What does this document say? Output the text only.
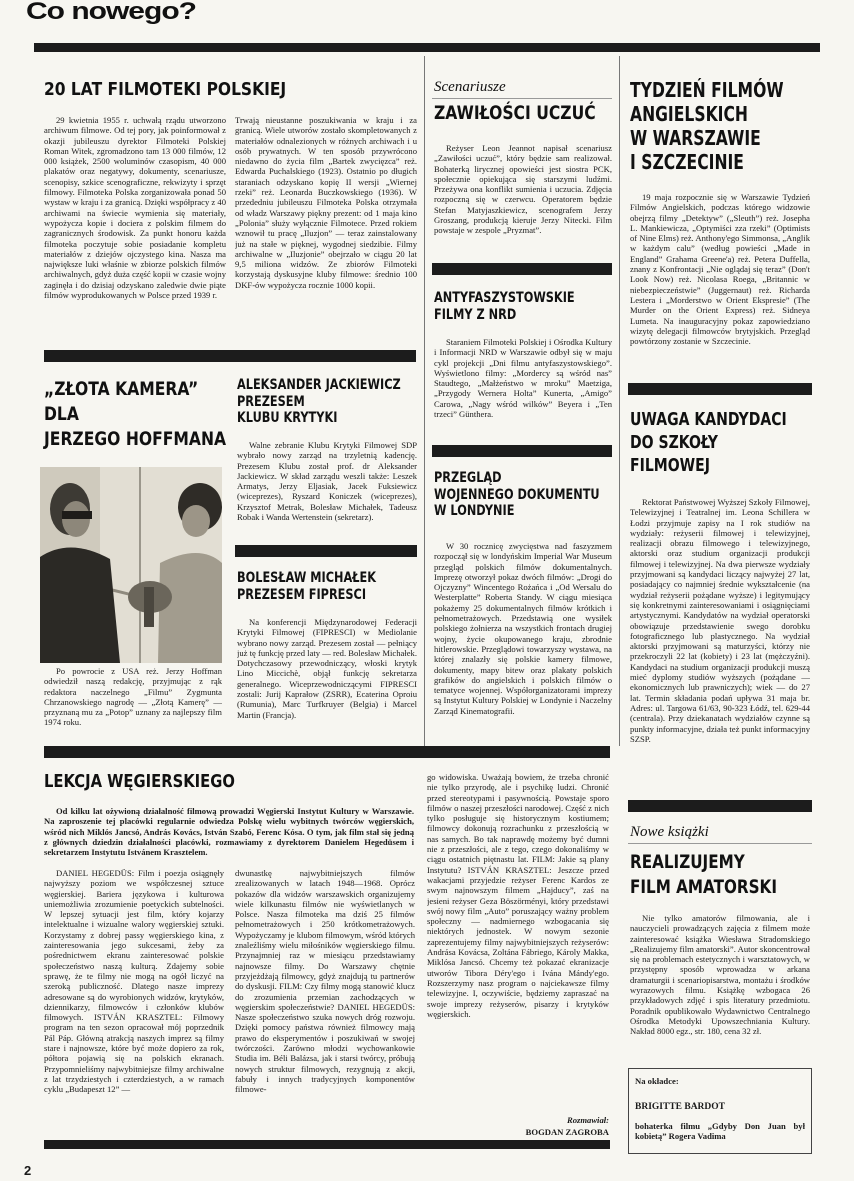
Co nowego?
20 LAT FILMOTEKI POLSKIEJ

29 kwietnia 1955 r. uchwałą rządu utworzono archiwum filmowe. Od tej pory, jak poinformował z okazji jubileuszu dyrektor Filmoteki Polskiej Roman Witek, zgromadzono tam 13 000 filmów, 12 000 książek, 2500 woluminów czasopism, 40 000 plakatów oraz negatywy, dokumenty, scenariusze, scenopisy, szkice scenograficzne, rekwizyty i sprzęt filmowy. Filmoteka Polska zorganizowała ponad 50 wystaw w kraju i za granicą. Dzięki współpracy z 40 archiwami na świecie wymienia się materiały, wypożycza kopie i dociera z polskim filmem do zagranicznych środowisk. Za punkt honoru każda filmoteka poczytuje sobie posiadanie kompletu materiałów z dziejów ojczystego kina. Nasza ma największe luki właśnie w zbiorze polskich filmów archiwalnych, gdyż duża część kopii w czasie wojny zaginęła i do dzisiaj odzyskano zaledwie dwie piąte filmów wyprodukowanych w Polsce przed 1939 r.

Trwają nieustanne poszukiwania w kraju i za granicą. Wiele utworów zostało skompletowanych z materiałów odnalezionych w różnych archiwach i u osób prywatnych. W ten sposób przywrócono niedawno do życia film „Bartek zwycięzca” reż. Edwarda Puchalskiego (1923). Ostatnio po długich staraniach odzyskano kopię II wersji „Wiernej rzeki” reż. Leonarda Buczkowskiego (1936). W przededniu jubileuszu Filmoteka Polska otrzymała od władz Warszawy piękny prezent: od 1 maja kino „Polonia” służy wyłącznie Filmotece. Przed rokiem wznowił tu pracę „Iluzjon” — teraz zainstalowany już na stałe w pięknej, wygodnej siedzibie. Filmy archiwalne w „Iluzjonie” obejrzało w ciągu 20 lat 9,5 miliona widzów. Ze zbiorów Filmoteki korzystają dyskusyjne kluby filmowe: średnio 100 DKF-ów wypożycza rocznie 1000 kopii.

Scenariusze
ZAWIŁOŚCI UCZUĆ

Reżyser Leon Jeannot napisał scenariusz „Zawiłości uczuć”, który będzie sam realizował. Bohaterką lirycznej opowieści jest siostra PCK, społecznie opiekująca się starszymi ludźmi. Przeżywa ona konflikt sumienia i uczucia. Zdjęcia rozpoczną się w czerwcu. Operatorem będzie Stefan Matyjaszkiewicz, scenografem Jerzy Groszang, produkcją kieruje Jerzy Nitecki. Film powstaje w zespole „Pryzmat”.

ANTYFASZYSTOWSKIE
FILMY Z NRD

Staraniem Filmoteki Polskiej i Ośrodka Kultury i Informacji NRD w Warszawie odbył się w maju cykl projekcji „Dni filmu antyfaszystowskiego”. Wyświetlono filmy: „Mordercy są wśród nas” Staudtego, „Małżeństwo w mroku” Maetziga, „Przygody Wernera Holta” Kunerta, „Amigo” Carowa, „Nagy wśród wilków” Beyera i „Ten trzeci” Günthera.

PRZEGLĄD
WOJENNEGO DOKUMENTU
W LONDYNIE

W 30 rocznicę zwycięstwa nad faszyzmem rozpoczął się w londyńskim Imperial War Museum przegląd polskich filmów dokumentalnych. Imprezę otworzył pokaz dwóch filmów: „Drogi do Ojczyzny” Wincentego Rożańca i „Od Wersalu do Westerplatte” Roberta Standy. W ciągu miesiąca pokażemy 25 dokumentalnych filmów krótkich i pełnometrażowych. Przedstawią one wysiłek polskiego żołnierza na wszystkich frontach drugiej wojny, życie okupowanego kraju, zbrodnie hitlerowskie. Przeglądowi towarzyszy wystawa, na której znalazły się polskie kamery filmowe, dokumenty, mapy bitew oraz plakaty polskich grafików do angielskich i polskich filmów o tematyce wojennej. Współorganizatorami imprezy są Instytut Kultury Polskiej w Londynie i Naczelny Zarząd Kinematografii.

TYDZIEŃ FILMÓW
ANGIELSKICH
W WARSZAWIE
I SZCZECINIE

19 maja rozpocznie się w Warszawie Tydzień Filmów Angielskich, podczas którego widzowie obejrzą filmy „Detektyw” („Sleuth”) reż. Josepha L. Mankiewicza, „Optymiści zza rzeki” (Optimists of Nine Elms) reż. Anthony'ego Simmonsa, „Anglik w każdym calu” (według powieści „Made in England” Grahama Greene'a) reż. Petera Duffella, znany z Konfrontacji „Nie oglądaj się teraz” (Don't Look Now) reż. Nicolasa Roega, „Britannic w niebezpieczeństwie” (Juggernaut) reż. Richarda Lestera i „Morderstwo w Orient Ekspresie” (The Murder on the Orient Express) reż. Sidneya Lumeta. Na inauguracyjny pokaz zapowiedziano wizytę delegacji filmowców brytyjskich. Przegląd powtórzony zostanie w Szczecinie.

UWAGA KANDYDACI
DO SZKOŁY
FILMOWEJ

Rektorat Państwowej Wyższej Szkoły Filmowej, Telewizyjnej i Teatralnej im. Leona Schillera w Łodzi przyjmuje zapisy na I rok studiów na wydziały: reżyserii filmowej i telewizyjnej, realizacji obrazu filmowego i telewizyjnego, aktorski oraz studium organizacji produkcji filmowej i telewizyjnej. Na dwa pierwsze wydziały przyjmowani są kandydaci liczący najwyżej 27 lat, posiadający co najmniej średnie wykształcenie (na wydział reżyserii pożądane wyższe) i legitymujący się konkretnymi zainteresowaniami i osiągnięciami artystycznymi. Kandydatów na wydział operatorski obowiązuje przedstawienie swego dorobku fotograficznego lub plastycznego. Na wydział aktorski przyjmowani są maturzyści, którzy nie przekroczyli 22 lat (kobiety) i 23 lat (mężczyźni). Kandydaci na studium organizacji produkcji muszą mieć dyplomy studiów wyższych (pożądane — ekonomicznych lub prawniczych); wiek — do 27 lat. Termin składania podań upływa 31 maja br. Adres: ul. Targowa 61/63, 90-323 Łódź, tel. 629-44 (centrala). Przy dziekanatach wydziałów czynne są punkty informacyjne, działa też punkt informacyjny SZSP.

„ZŁOTA KAMERA”
DLA
JERZEGO HOFFMANA

Po powrocie z USA reż. Jerzy Hoffman odwiedził naszą redakcję, przyjmując z rąk redaktora naczelnego „Filmu” Zygmunta Chrzanowskiego nagrodę — „Złotą Kamerę” — przyznaną mu za „Potop” uznany za najlepszy film 1974 roku.

ALEKSANDER JACKIEWICZ
PREZESEM
KLUBU KRYTYKI

Walne zebranie Klubu Krytyki Filmowej SDP wybrało nowy zarząd na trzyletnią kadencję. Prezesem Klubu został prof. dr Aleksander Jackiewicz. W skład zarządu weszli także: Leszek Armatys, Jerzy Eljasiak, Jacek Fuksiewicz (wiceprezes), Ryszard Koniczek (wiceprezes), Krzysztof Metrak, Bolesław Michałek, Tadeusz Robak i Wanda Wertenstein (sekretarz).

BOLESŁAW MICHAŁEK
PREZESEM FIPRESCI

Na konferencji Międzynarodowej Federacji Krytyki Filmowej (FIPRESCI) w Mediolanie wybrano nowy zarząd. Prezesem został — pełniący już tę funkcję przed laty — red. Bolesław Michałek. Dotychczasowy przewodniczący, włoski krytyk Lino Miccichè, objął funkcję sekretarza generalnego. Wiceprzewodniczącymi FIPRESCI zostali: Jurij Kaprałow (ZSRR), Ecaterina Oproiu (Rumunia), Marc Turfkruyer (Belgia) i Marcel Martin (Francja).

LEKCJA WĘGIERSKIEGO

Od kilku lat ożywioną działalność filmową prowadzi Węgierski Instytut Kultury w Warszawie. Na zaproszenie tej placówki regularnie odwiedza Polskę wielu wybitnych twórców węgierskich, wśród nich Miklós Jancsó, András Kovács, István Szabó, Ferenc Kósa. O tym, jak film stał się jedną z głównych dziedzin działalności placówki, rozmawiamy z dyrektorem Danielem Hegedüsem i sekretarzem Instytutu Istvánem Krasztelem.

DANIEL HEGEDÜS: Film i poezja osiągnęły najwyższy poziom we współczesnej sztuce węgierskiej. Bariera językowa i kulturowa uniemożliwia zrozumienie poetyckich subtelności. W lepszej sytuacji jest film, który kojarzy intelektualne i wizualne walory węgierskiej sztuki. Korzystamy z dobrej passy węgierskiego kina, z zainteresowania jego sukcesami, żeby za pośrednictwem ekranu zainteresować polskie społeczeństwo naszą kulturą. Zdajemy sobie sprawę, że te filmy nie mogą na ogół liczyć na szeroką publiczność. Dlatego nasze imprezy adresowane są do wyrobionych widzów, krytyków, dziennikarzy, filmowców i członków klubów filmowych. ISTVÁN KRASZTEL: Filmowy program na ten sezon opracował mój poprzednik Pál Páp. Główną atrakcją naszych imprez są filmy stare i najnowsze, które być może dopiero za rok, półtora pojawią się na polskich ekranach. Przypomnieliśmy najwybitniejsze filmy archiwalne z lat trzydziestych i czterdziestych, a w ramach cyklu „Budapeszt 12” —

dwunastkę najwybitniejszych filmów zrealizowanych w latach 1948—1968. Oprócz pokazów dla widzów warszawskich organizujemy wiele kilkunastu filmów nie wyświetlanych w Polsce. Nasza filmoteka ma dziś 25 filmów pełnometrażowych i 250 krótkometrażowych. Wypożyczamy je klubom filmowym, wśród których znaleźliśmy wielu miłośników węgierskiego filmu. Przynajmniej raz w miesiącu przedstawiamy najnowsze filmy. Do Warszawy chętnie przyjeżdżają filmowcy, gdyż znajdują tu partnerów do dyskusji. FILM: Czy filmy mogą stanowić klucz do zrozumienia przemian zachodzących w węgierskim społeczeństwie? DANIEL HEGEDÜS: Nasze społeczeństwo szuka nowych dróg rozwoju. Dzięki pomocy państwa również filmowcy mają prawo do eksperymentów i poszukiwań w swojej twórczości. Zarówno młodzi wychowankowie Studia im. Béli Balázsa, jak i starsi twórcy, próbują nowych struktur filmowych, rezygnują z akcji, fabuły i innych tradycyjnych komponentów filmowe-

go widowiska. Uważają bowiem, że trzeba chronić nie tylko przyrodę, ale i psychikę ludzi. Chronić przed stereotypami i pasywnością. Powstaje sporo filmów o naszej przeszłości narodowej. Część z nich tylko posługuje się historycznym kostiumem; filmowcy dokonują rozrachunku z przeszłością w nas samych. Bo tak naprawdę możemy być dumni nie z przeszłości, ale z tego, czego dokonaliśmy w ciągu ostatnich piętnastu lat. FILM: Jakie są plany Instytutu? ISTVÁN KRASZTEL: Jeszcze przed wakacjami przyjedzie reżyser Ferenc Kardos ze swym najnowszym filmem „Hajducy”, zaś na jesieni reżyser Geza Böszörményi, który przedstawi swój nowy film „Auto” poruszający ważny problem społeczny — nadmiernego wzbogacania się niektórych jednostek. W nowym sezonie zaprezentujemy filmy najwybitniejszych reżyserów: Andrása Kovácsa, Zoltána Fábriego, Károly Makka, Miklósa Jancsó. Chcemy też pokazać ekranizacje utworów Tibora Déry'ego i Ivána Mándy'ego. Rozszerzymy nasz program o najciekawsze filmy telewizyjne. I, oczywiście, będziemy zapraszać na swoje imprezy reżyserów, pisarzy i krytyków węgierskich.

Rozmawiał:
BOGDAN ZAGROBA
Nowe książki
REALIZUJEMY
FILM AMATORSKI

Nie tylko amatorów filmowania, ale i nauczycieli prowadzących zajęcia z filmem może zainteresować książka Wiesława Stradomskiego „Realizujemy film amatorski”. Autor skoncentrował się na problemach estetycznych i warsztatowych, w przystępny sposób wprowadza w arkana dramaturgii i scenariopisarstwa, montażu i środków wyrazowych filmu. Książkę wzbogaca 26 przykładowych zdjęć i spis literatury przedmiotu. Poradnik opublikowało Wydawnictwo Centralnego Ośrodka Metodyki Upowszechniania Kultury. Nakład 8000 egz., str. 180, cena 32 zł.

Na okładce:
BRIGITTE BARDOT
bohaterka filmu „Gdyby Don Juan był kobietą” Rogera Vadima
2
